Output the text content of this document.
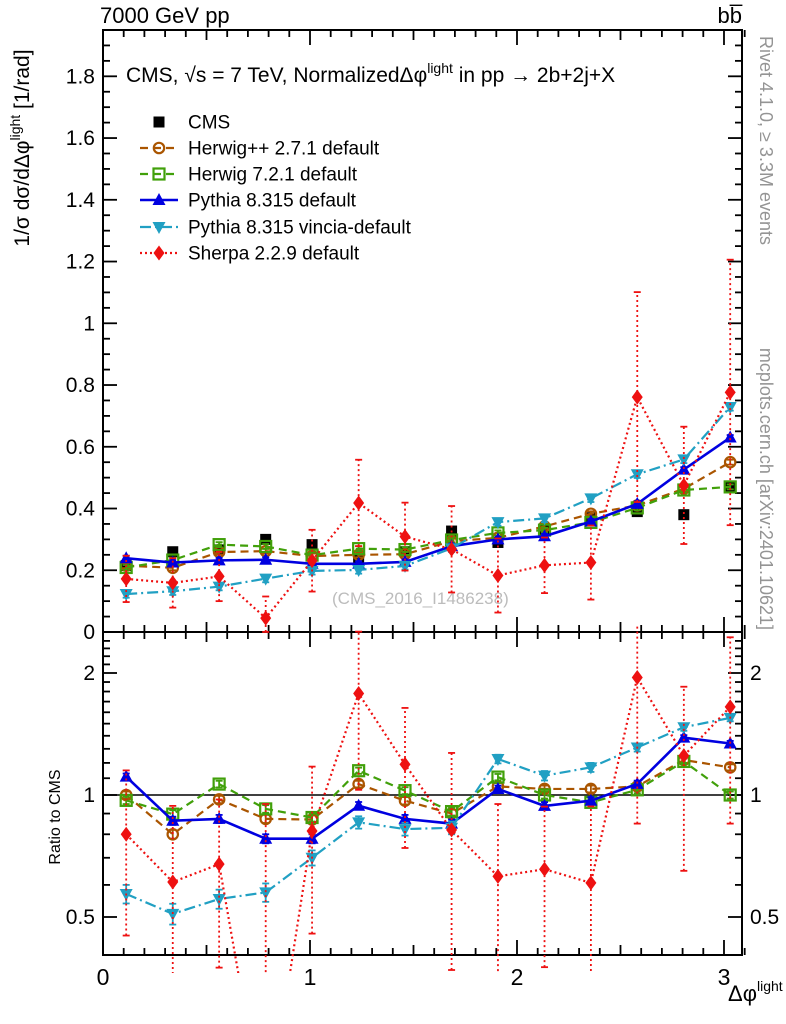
7000 GeV pp	bb̅
CMS, √s = 7 TeV, NormalizedΔφ$^{light}$ in pp → 2b+2j+X
1/σ dσ/dΔφ$^{light}$ [1/rad]
Ratio to CMS
$\Delta\varphi^{light}$
(CMS_2016_I1486238)
Rivet 4.1.0, ≥ 3.3M events
mcplots.cern.ch [arXiv:2401.10621]
0	1	2	3
0
0.2
0.4
0.6
0.8
1
1.2
1.4
1.6
1.8
0.5	0.5
1	1
2	2
CMS
Herwig++ 2.7.1 default
Herwig 7.2.1 default
Pythia 8.315 default
Pythia 8.315 vincia-default
Sherpa 2.2.9 default
